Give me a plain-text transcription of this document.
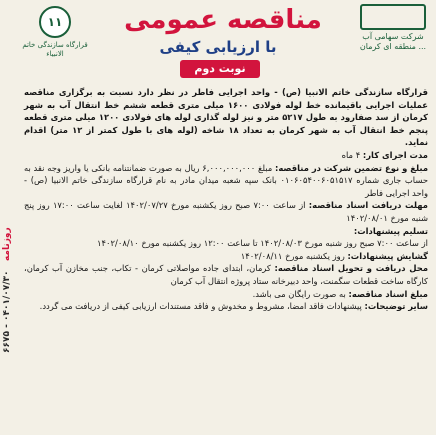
۱۱
قرارگاه سازندگی خاتم الانبیاء
مناقصه عمومی
با ارزیابی کیفی
نوبت دوم
شرکت سهامی آب منطقه ای کرمان ...
روزنامه   ۰۴۰۱/۰۷/۳۰ - ۶۶۷۵

قرارگاه سازندگی خاتم الانبیا (ص) - واحد اجرایی فاطر در نظر دارد نسبت به برگزاری مناقصه عملیات اجرایی باقیمانده خط لوله فولادی ۱۶۰۰ میلی متری قطعه ششم خط انتقال آب به شهر کرمان از سد صفارود به طول ۵۲۱۷ متر و نیز لوله گذاری لوله های فولادی ۱۲۰۰ میلی متری قطعه پنجم خط انتقال آب به شهر کرمان به تعداد ۱۸ شاخه (لوله های با طول کمتر از ۱۲ متر) اقدام نماید.

مدت اجرای کار: ۴ ماه

مبلغ و نوع تضمین شرکت در مناقصه: مبلغ ۶,۰۰۰,۰۰۰,۰۰۰ ریال به صورت ضمانتنامه بانکی یا واریز وجه نقد به حساب جاری شماره ۰۱۰۶۰۵۴۰۰۶۰۵۱۵۱۷ بانک سپه شعبه میدان مادر به نام قرارگاه سازندگی خاتم الانبیا (ص) - واحد اجرایی فاطر

مهلت دریافت اسناد مناقصه: از ساعت ۷:۰۰ صبح روز یکشنبه مورخ ۱۴۰۲/۰۷/۲۷ لغایت ساعت ۱۷:۰۰ روز پنج شنبه مورخ ۱۴۰۲/۰۸/۰۱

تسلیم پیشنهادات:

از ساعت ۷:۰۰ صبح روز شنبه مورخ ۱۴۰۲/۰۸/۰۳ تا ساعت ۱۲:۰۰ روز یکشنبه مورخ ۱۴۰۲/۰۸/۱۰

گشایش پیشنهادات: روز یکشنبه مورخ ۱۴۰۲/۰۸/۱۱

محل دریافت و تحویل اسناد مناقصه: کرمان، ابتدای جاده مواصلاتی کرمان - تکاب، جنب مخازن آب کرمان، کارگاه ساخت قطعات سگمنت، واحد دبیرخانه ستاد پروژه انتقال آب کرمان

مبلغ اسناد مناقصه: به صورت رایگان می باشد.

سایر توضیحات: پیشنهادات فاقد امضا، مشروط و مخدوش و فاقد مستندات ارزیابی کیفی از دریافت می گردد.
